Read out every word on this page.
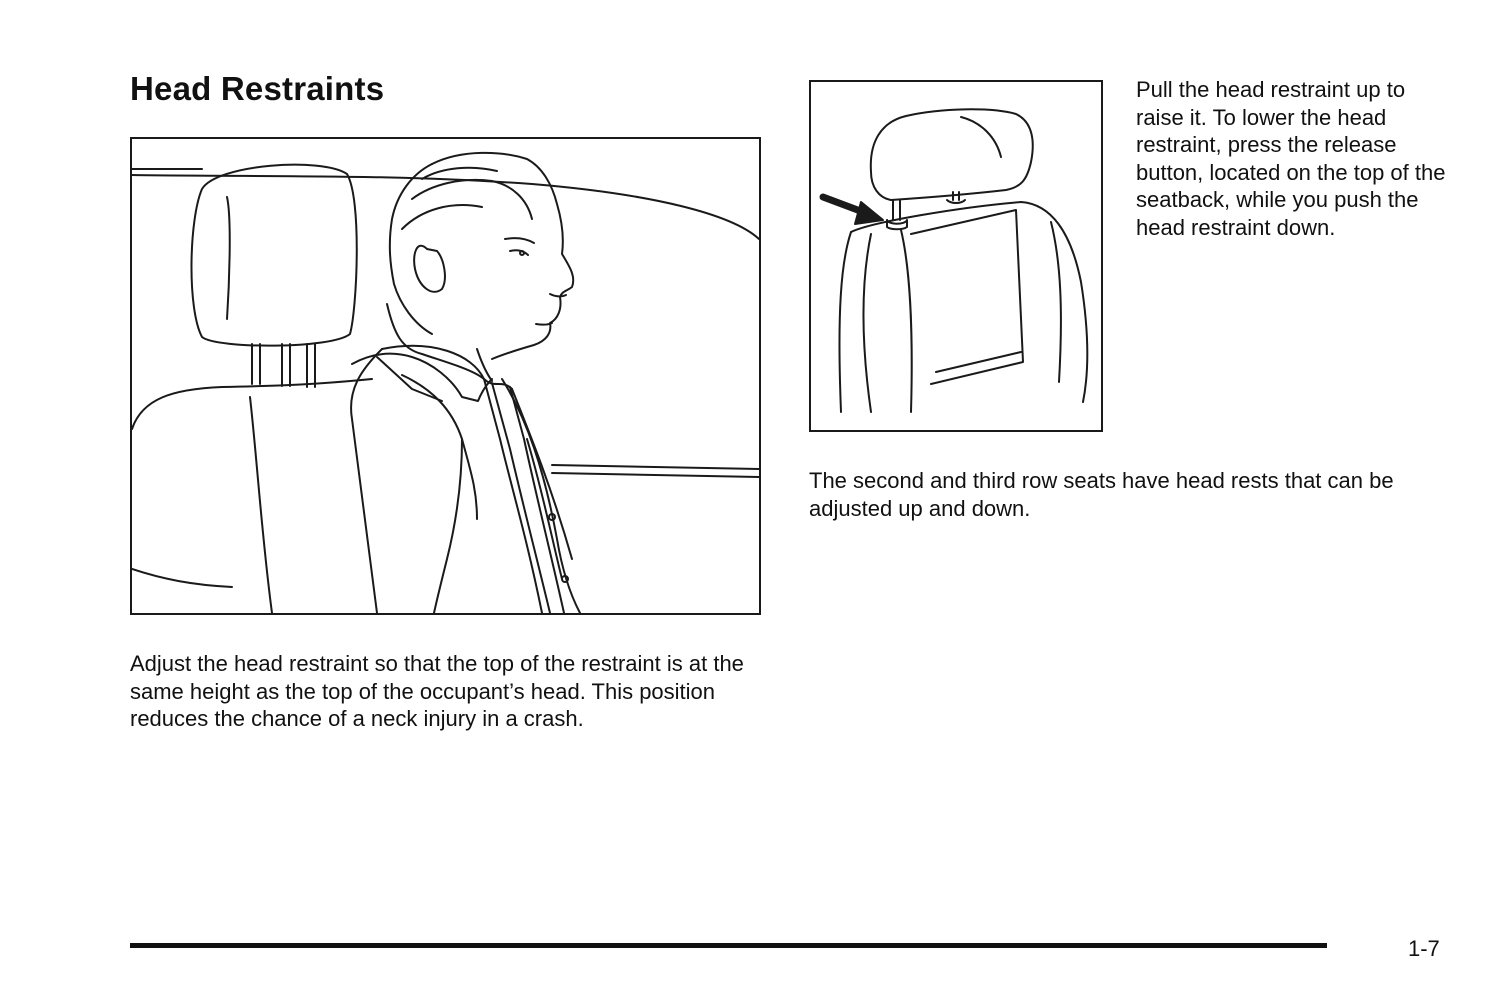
Head Restraints	Pull the head restraint up to raise it. To lower the head restraint, press the release button, located on the top of the seatback, while you push the head restraint down.

The second and third row seats have head rests that can be adjusted up and down.

Adjust the head restraint so that the top of the restraint is at the same height as the top of the occupant’s head. This position reduces the chance of a neck injury in a crash.

1-7
